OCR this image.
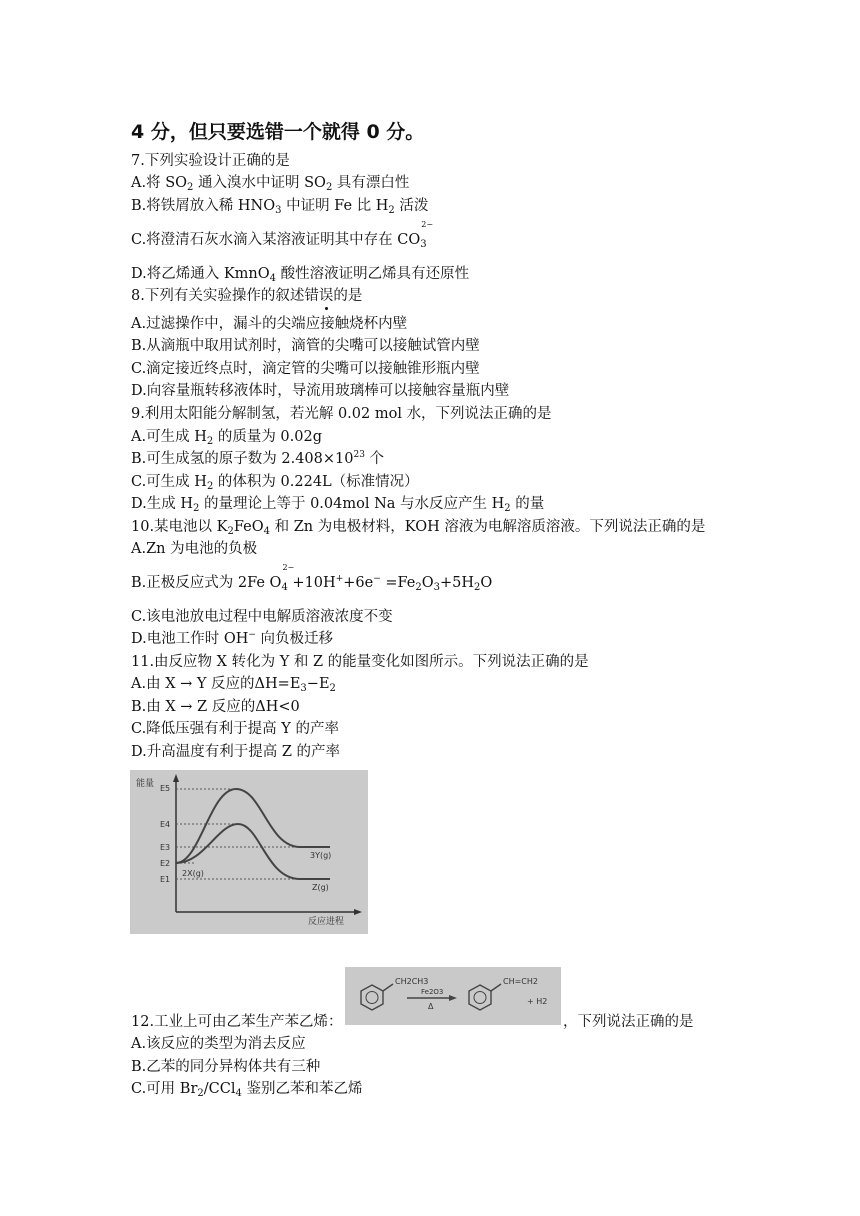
4 分，但只要选错一个就得 0 分。
7.下列实验设计正确的是
A.将 $SO_2$ 通入溴水中证明 $SO_2$ 具有漂白性
B.将铁屑放入稀 $HNO_3$ 中证明 Fe 比 $H_2$ 活泼
C.将澄清石灰水滴入某溶液证明其中存在 $CO_3$
2−
D.将乙烯通入 KmnO$_4$ 酸性溶液证明乙烯具有还原性
8.下列有关实验操作的叙述错误的是
A.过滤操作中，漏斗的尖端应接触烧杯内壁
B.从滴瓶中取用试剂时，滴管的尖嘴可以接触试管内壁
C.滴定接近终点时，滴定管的尖嘴可以接触锥形瓶内壁
D.向容量瓶转移液体时，导流用玻璃棒可以接触容量瓶内壁
9.利用太阳能分解制氢，若光解 0.02 mol 水，下列说法正确的是
A.可生成 $H_2$ 的质量为 0.02g
B.可生成氢的原子数为 $2.408\times 10^{23}$ 个
C.可生成 $H_2$ 的体积为 0.224L（标准情况）
D.生成 $H_2$ 的量理论上等于 0.04mol Na 与水反应产生 $H_2$ 的量
10.某电池以 $K_2FeO_4$ 和 Zn 为电极材料，KOH 溶液为电解溶质溶液。下列说法正确的是
A.Zn 为电池的负极
B.正极反应式为 2Fe $O_4$
2−
$+10H^++6e^- =Fe_2O_3+5H_2O$
C.该电池放电过程中电解质溶液浓度不变
D.电池工作时 OH− 向负极迁移
11.由反应物 X 转化为 Y 和 Z 的能量变化如图所示。下列说法正确的是
A.由 X → Y 反应的$\Delta H=E_3-E_2$
B.由 X → Z 反应的ΔH<0
C.降低压强有利于提高 Y 的产率
D.升高温度有利于提高 Z 的产率
能量
反应进程
E5
E4
E3
E2
E1
3Y(g)
2X(g)
Z(g)
12.工业上可由乙苯生产苯乙烯：
CH2CH3	CH=CH2
Fe2O3
Δ
+ H2
，下列说法正确的是
A.该反应的类型为消去反应
B.乙苯的同分异构体共有三种
C.可用 $Br_2/CCl_4$ 鉴别乙苯和苯乙烯
